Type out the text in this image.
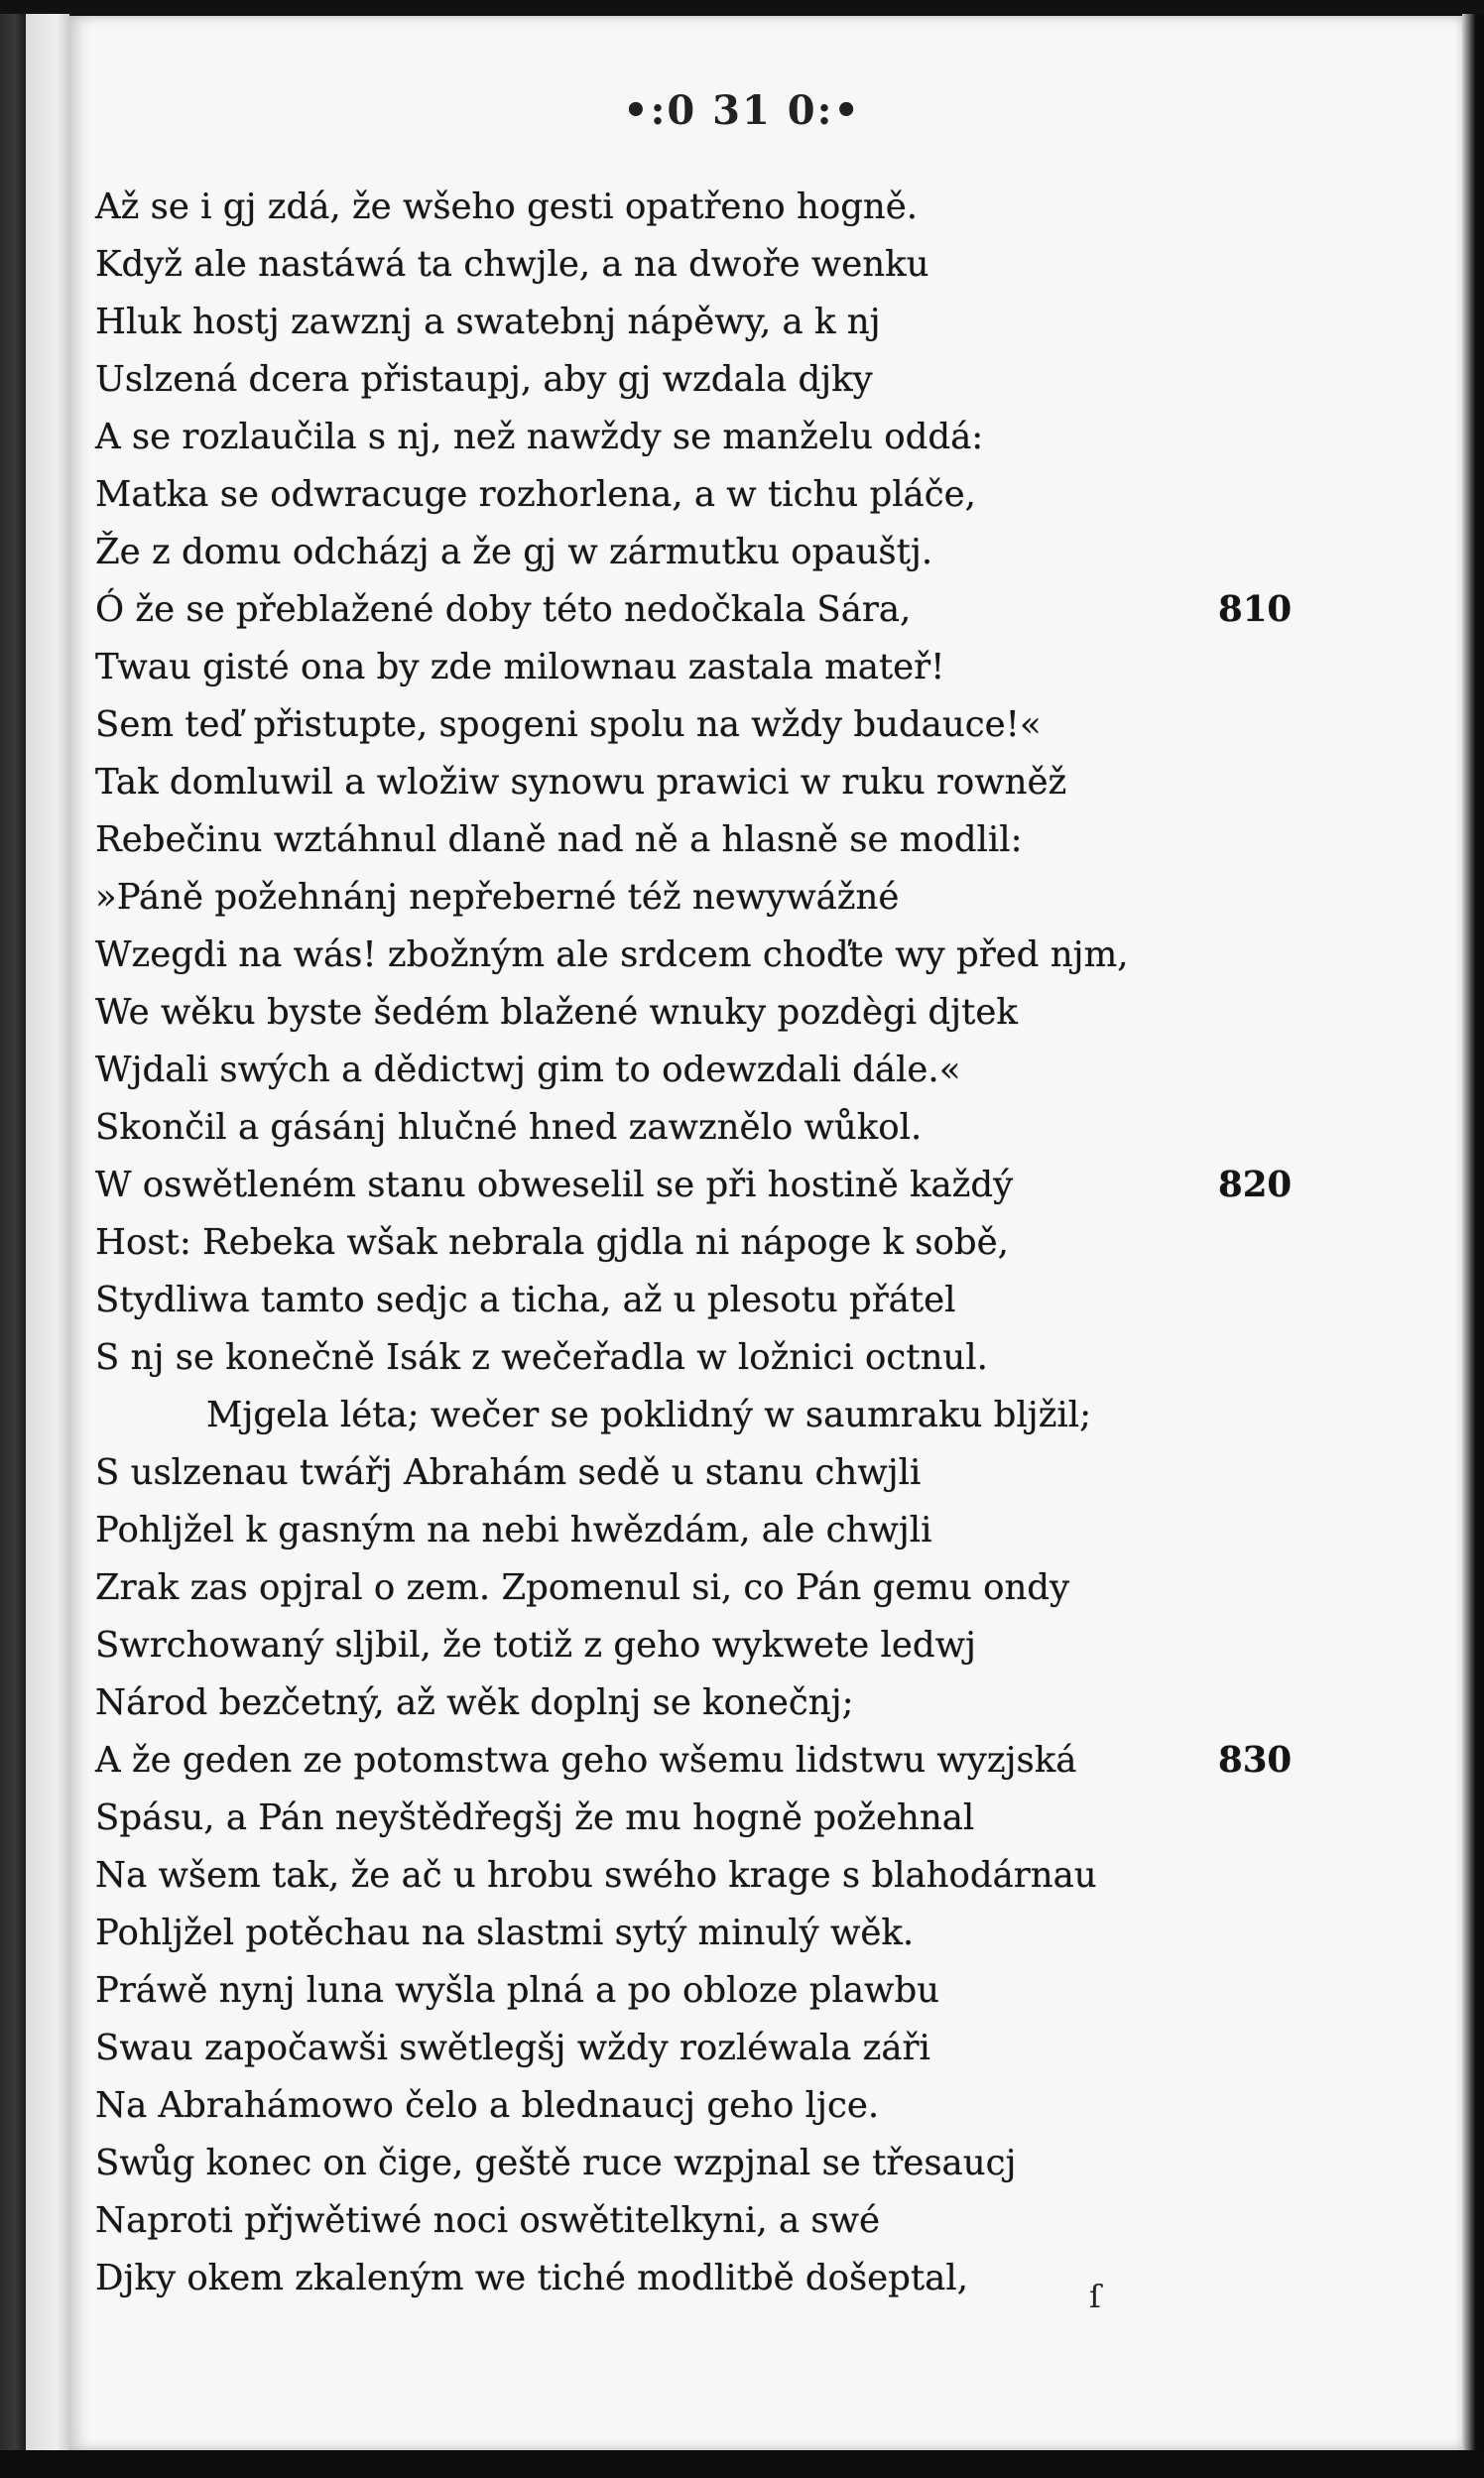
•:0 31 0:•
Až se i gj zdá, že wšeho gesti opatřeno hogně.
Když ale nastáwá ta chwjle, a na dwoře wenku
Hluk hostj zawznj a swatebnj nápěwy, a k nj
Uslzená dcera přistaupj, aby gj wzdala djky
A se rozlaučila s nj, než nawždy se manželu oddá:
Matka se odwracuge rozhorlena, a w tichu pláče,
Že z domu odcházj a že gj w zármutku opauštj.
Ó že se přeblažené doby této nedočkala Sára,	810
Twau gisté ona by zde milownau zastala mateř!
Sem teď přistupte, spogeni spolu na wždy budauce!«
Tak domluwil a wložiw synowu prawici w ruku rowněž
Rebečinu wztáhnul dlaně nad ně a hlasně se modlil:
»Páně požehnánj nepřeberné též newywážné
Wzegdi na wás! zbožným ale srdcem choďte wy před njm,
We wěku byste šedém blažené wnuky pozdègi djtek
Wjdali swých a dědictwj gim to odewzdali dále.«
Skončil a gásánj hlučné hned zawznělo wůkol.
W oswětleném stanu obweselil se při hostině každý	820
Host: Rebeka wšak nebrala gjdla ni nápoge k sobě,
Stydliwa tamto sedjc a ticha, až u plesotu přátel
S nj se konečně Isák z wečeřadla w ložnici octnul.
Mjgela léta; wečer se poklidný w saumraku bljžil;
S uslzenau twářj Abrahám sedě u stanu chwjli
Pohljžel k gasným na nebi hwězdám, ale chwjli
Zrak zas opjral o zem. Zpomenul si, co Pán gemu ondy
Swrchowaný sljbil, že totiž z geho wykwete ledwj
Národ bezčetný, až wěk doplnj se konečnj;
A že geden ze potomstwa geho wšemu lidstwu wyzjská	830
Spásu, a Pán neyštědřegšj že mu hogně požehnal
Na wšem tak, že ač u hrobu swého krage s blahodárnau
Pohljžel potěchau na slastmi sytý minulý wěk.
Práwě nynj luna wyšla plná a po obloze plawbu
Swau započawši swětlegšj wždy rozléwala záři
Na Abrahámowo čelo a blednaucj geho ljce.
Swůg konec on čige, geště ruce wzpjnal se třesaucj
Naproti přjwětiwé noci oswětitelkyni, a swé
Djky okem zkaleným we tiché modlitbě došeptal,	ſ
